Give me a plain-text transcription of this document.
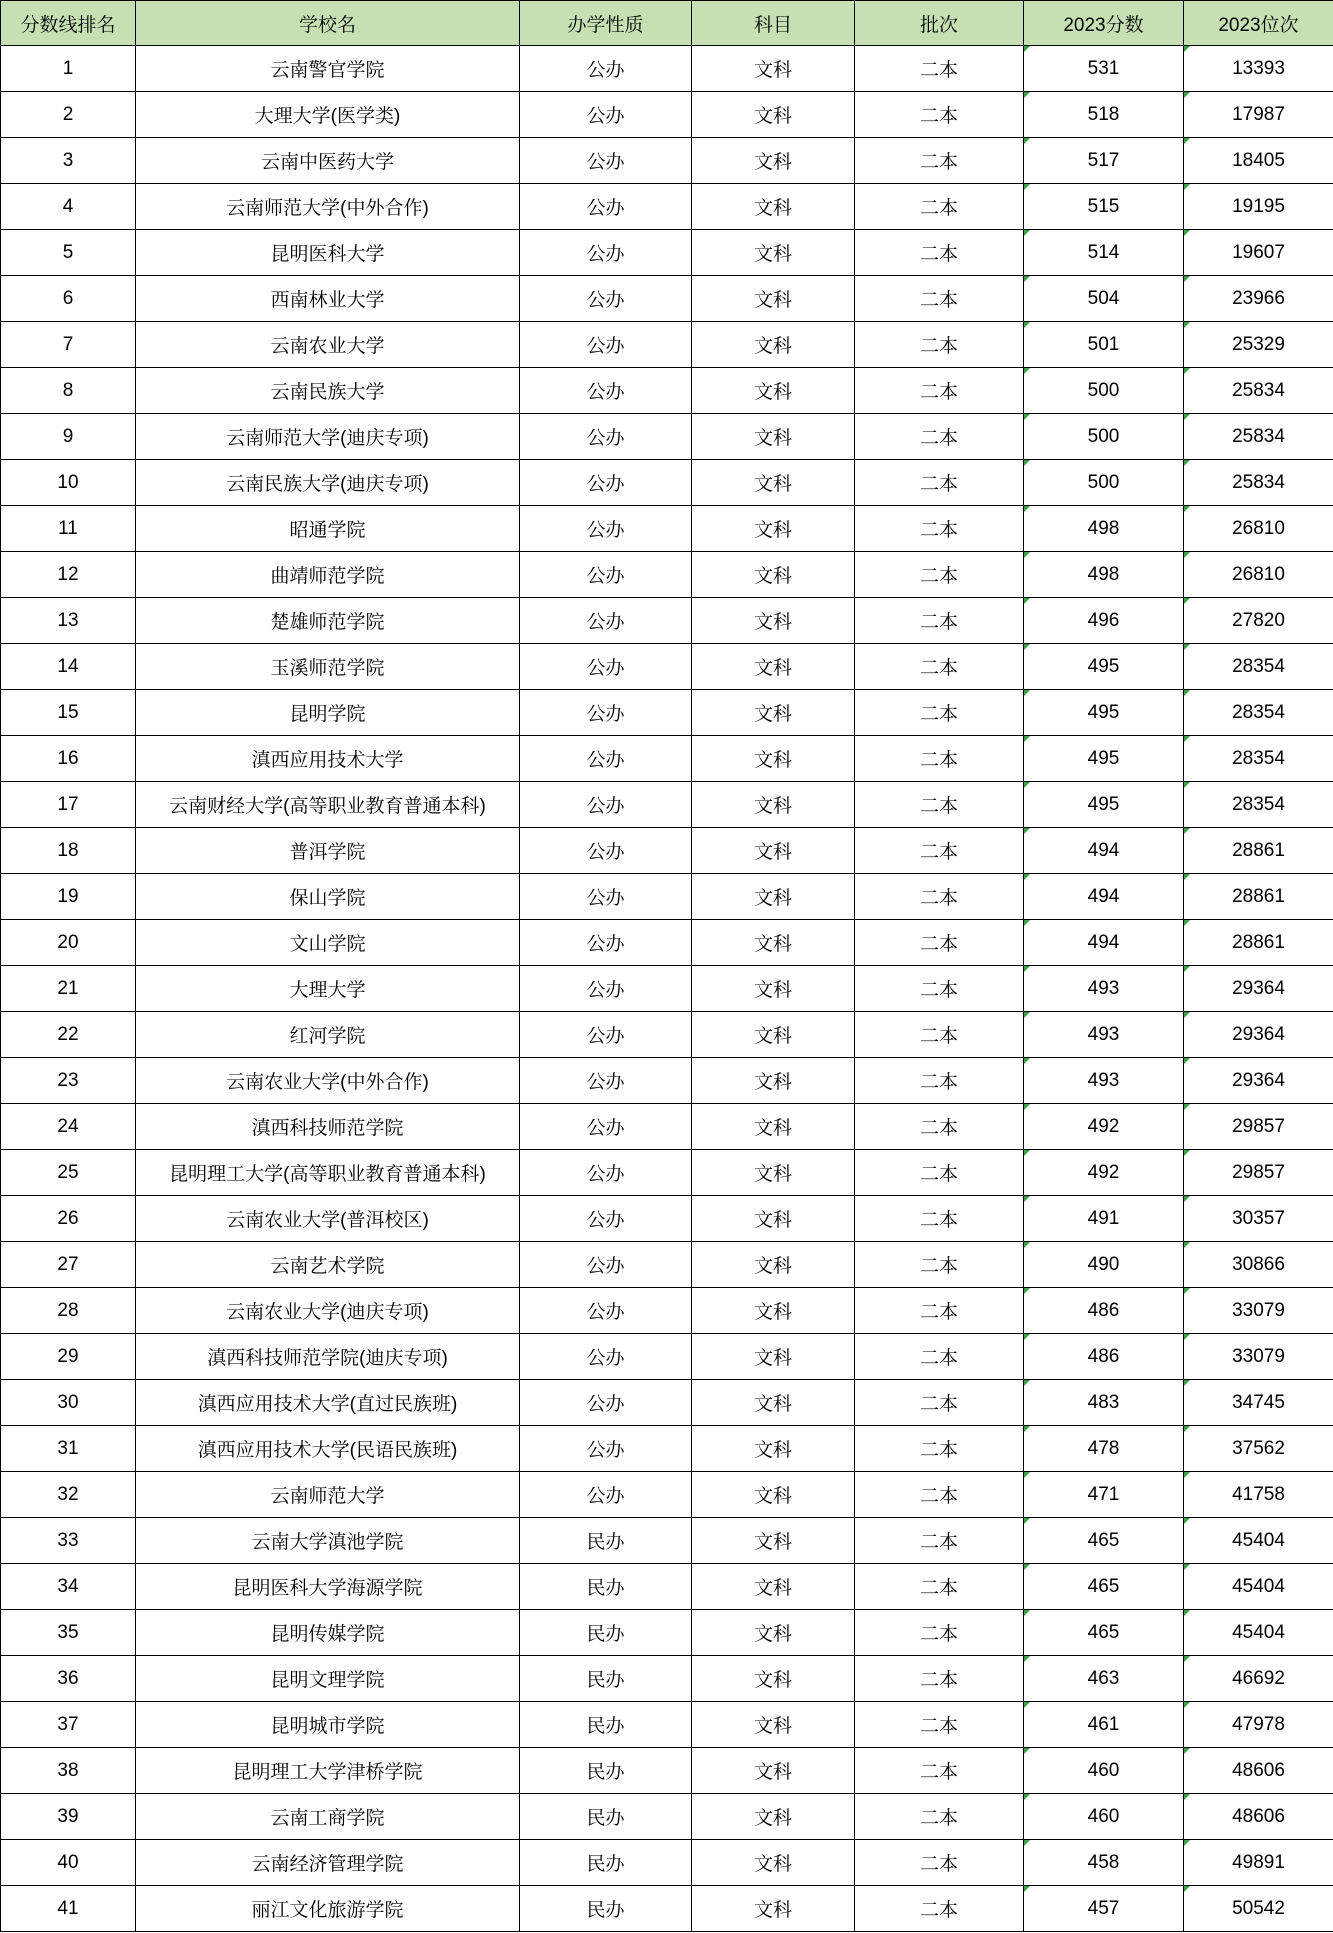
分数线排名	学校名	办学性质	科目	批次	2023分数	2023位次
1	云南警官学院	公办	文科	二本	531	13393
2	大理大学(医学类)	公办	文科	二本	518	17987
3	云南中医药大学	公办	文科	二本	517	18405
4	云南师范大学(中外合作)	公办	文科	二本	515	19195
5	昆明医科大学	公办	文科	二本	514	19607
6	西南林业大学	公办	文科	二本	504	23966
7	云南农业大学	公办	文科	二本	501	25329
8	云南民族大学	公办	文科	二本	500	25834
9	云南师范大学(迪庆专项)	公办	文科	二本	500	25834
10	云南民族大学(迪庆专项)	公办	文科	二本	500	25834
11	昭通学院	公办	文科	二本	498	26810
12	曲靖师范学院	公办	文科	二本	498	26810
13	楚雄师范学院	公办	文科	二本	496	27820
14	玉溪师范学院	公办	文科	二本	495	28354
15	昆明学院	公办	文科	二本	495	28354
16	滇西应用技术大学	公办	文科	二本	495	28354
17	云南财经大学(高等职业教育普通本科)	公办	文科	二本	495	28354
18	普洱学院	公办	文科	二本	494	28861
19	保山学院	公办	文科	二本	494	28861
20	文山学院	公办	文科	二本	494	28861
21	大理大学	公办	文科	二本	493	29364
22	红河学院	公办	文科	二本	493	29364
23	云南农业大学(中外合作)	公办	文科	二本	493	29364
24	滇西科技师范学院	公办	文科	二本	492	29857
25	昆明理工大学(高等职业教育普通本科)	公办	文科	二本	492	29857
26	云南农业大学(普洱校区)	公办	文科	二本	491	30357
27	云南艺术学院	公办	文科	二本	490	30866
28	云南农业大学(迪庆专项)	公办	文科	二本	486	33079
29	滇西科技师范学院(迪庆专项)	公办	文科	二本	486	33079
30	滇西应用技术大学(直过民族班)	公办	文科	二本	483	34745
31	滇西应用技术大学(民语民族班)	公办	文科	二本	478	37562
32	云南师范大学	公办	文科	二本	471	41758
33	云南大学滇池学院	民办	文科	二本	465	45404
34	昆明医科大学海源学院	民办	文科	二本	465	45404
35	昆明传媒学院	民办	文科	二本	465	45404
36	昆明文理学院	民办	文科	二本	463	46692
37	昆明城市学院	民办	文科	二本	461	47978
38	昆明理工大学津桥学院	民办	文科	二本	460	48606
39	云南工商学院	民办	文科	二本	460	48606
40	云南经济管理学院	民办	文科	二本	458	49891
41	丽江文化旅游学院	民办	文科	二本	457	50542
